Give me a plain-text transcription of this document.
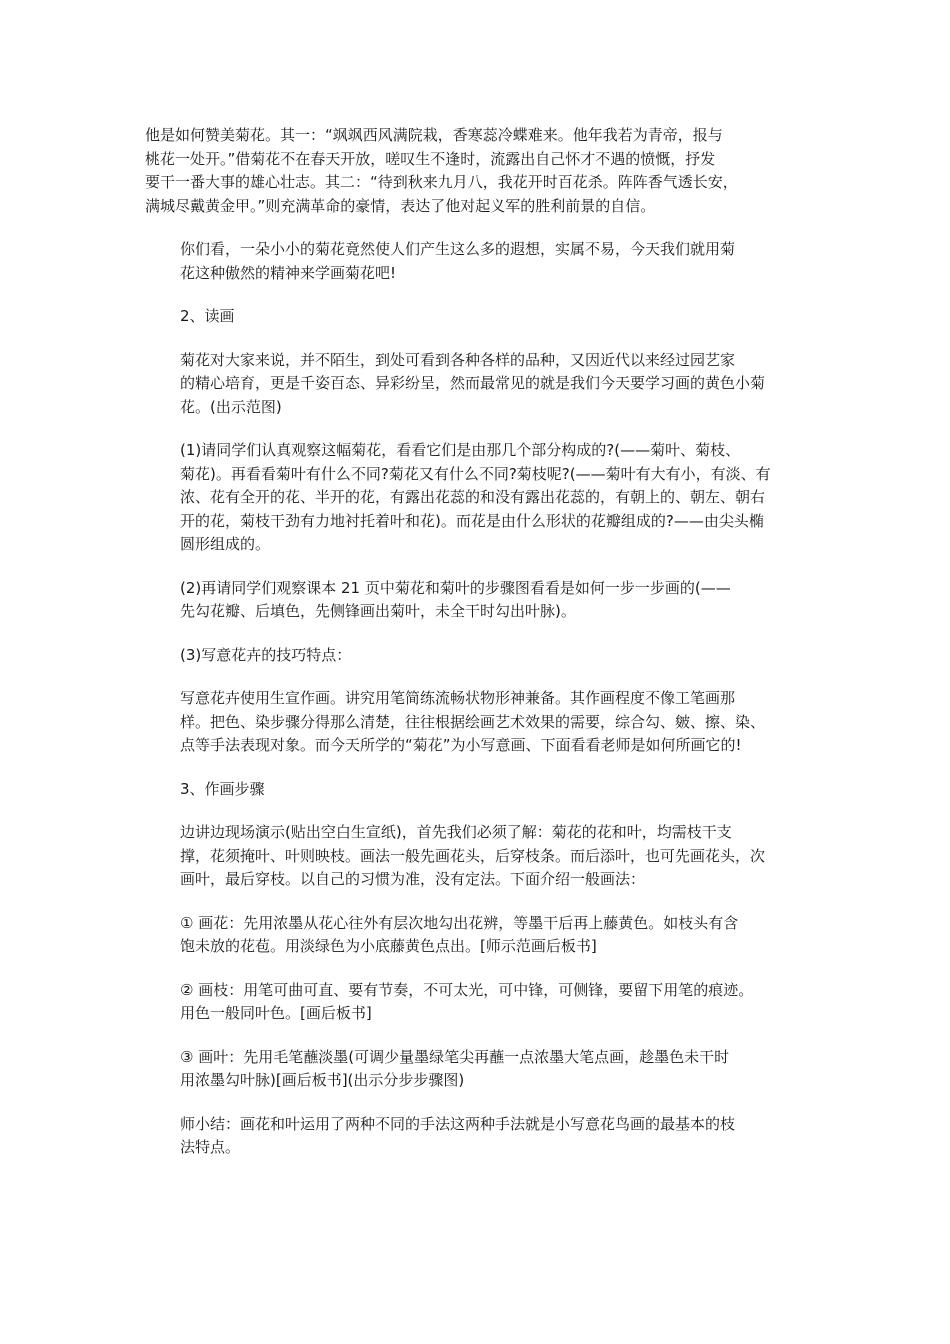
他是如何赞美菊花。其一：“飒飒西风满院栽，香寒蕊冷蝶难来。他年我若为青帝，报与
桃花一处开。”借菊花不在春天开放，嗟叹生不逢时，流露出自己怀才不遇的愤慨，抒发
要干一番大事的雄心壮志。其二：“待到秋来九月八，我花开时百花杀。阵阵香气透长安，
满城尽戴黄金甲。”则充满革命的豪情，表达了他对起义军的胜利前景的自信。
你们看，一朵小小的菊花竟然使人们产生这么多的遐想，实属不易，今天我们就用菊
花这种傲然的精神来学画菊花吧!
2、读画
菊花对大家来说，并不陌生，到处可看到各种各样的品种，又因近代以来经过园艺家
的精心培育，更是千姿百态、异彩纷呈，然而最常见的就是我们今天要学习画的黄色小菊
花。(出示范图)
(1)请同学们认真观察这幅菊花，看看它们是由那几个部分构成的?(——菊叶、菊枝、
菊花)。再看看菊叶有什么不同?菊花又有什么不同?菊枝呢?(——菊叶有大有小，有淡、有
浓、花有全开的花、半开的花，有露出花蕊的和没有露出花蕊的，有朝上的、朝左、朝右
开的花，菊枝干劲有力地衬托着叶和花)。而花是由什么形状的花瓣组成的?——由尖头椭
圆形组成的。
(2)再请同学们观察课本 21 页中菊花和菊叶的步骤图看看是如何一步一步画的(——
先勾花瓣、后填色，先侧锋画出菊叶，未全干时勾出叶脉)。
(3)写意花卉的技巧特点：
写意花卉使用生宣作画。讲究用笔简练流畅状物形神兼备。其作画程度不像工笔画那
样。把色、染步骤分得那么清楚，往往根据绘画艺术效果的需要，综合勾、皴、擦、染、
点等手法表现对象。而今天所学的“菊花”为小写意画、下面看看老师是如何所画它的!
3、作画步骤
边讲边现场演示(贴出空白生宣纸)，首先我们必须了解：菊花的花和叶，均需枝干支
撑，花须掩叶、叶则映枝。画法一般先画花头，后穿枝条。而后添叶，也可先画花头，次
画叶，最后穿枝。以自己的习惯为准，没有定法。下面介绍一般画法：
① 画花：先用浓墨从花心往外有层次地勾出花辨，等墨干后再上藤黄色。如枝头有含
饱未放的花苞。用淡绿色为小底藤黄色点出。[师示范画后板书]
② 画枝：用笔可曲可直、要有节奏，不可太光，可中锋，可侧锋，要留下用笔的痕迹。
用色一般同叶色。[画后板书]
③ 画叶：先用毛笔蘸淡墨(可调少量墨绿笔尖再蘸一点浓墨大笔点画，趁墨色未干时
用浓墨勾叶脉)[画后板书](出示分步步骤图)
师小结：画花和叶运用了两种不同的手法这两种手法就是小写意花鸟画的最基本的枝
法特点。
